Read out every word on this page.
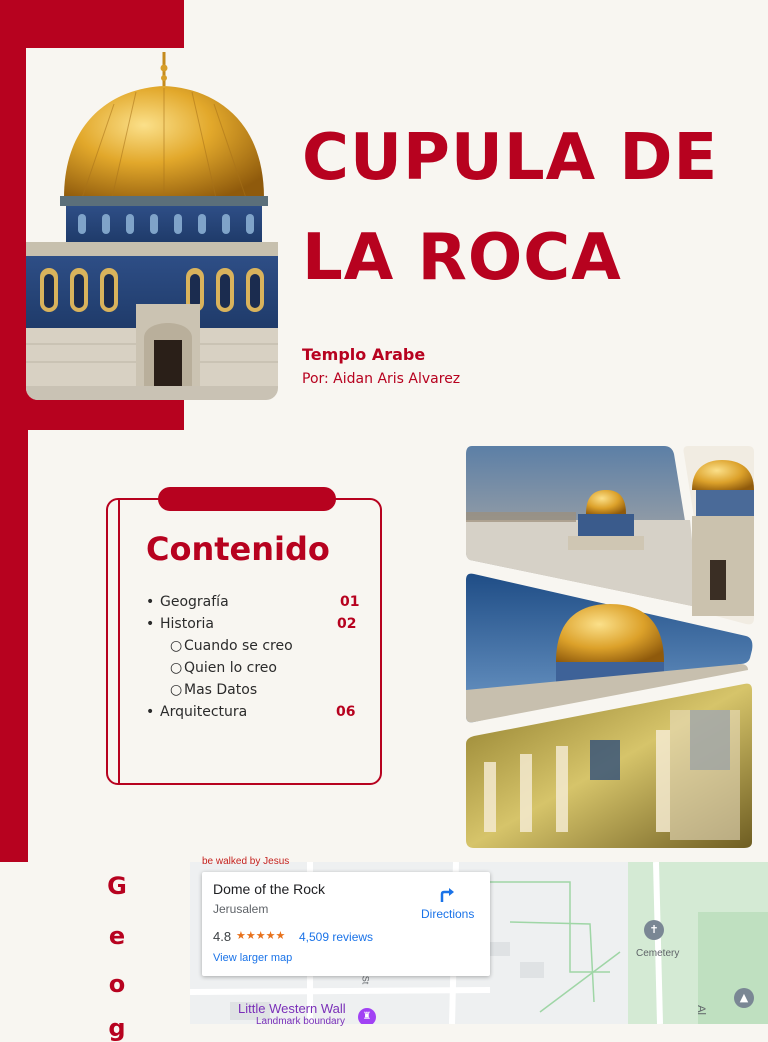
CUPULA DE
LA ROCA
Templo Arabe
Por: Aidan Aris Alvarez
Contenido
• Geografía	01
• Historia	02
○ Cuando se creo
○ Quien lo creo
○ Mas Datos
• Arquitectura	06
G
e
o
g
✝
▲
♜
be walked by Jesus
Little Western Wall
Landmark boundary
Cemetery
Al
Dome of the Rock
Jerusalem
4.8 ★★★★★ 4,509 reviews
View larger map
Directions
